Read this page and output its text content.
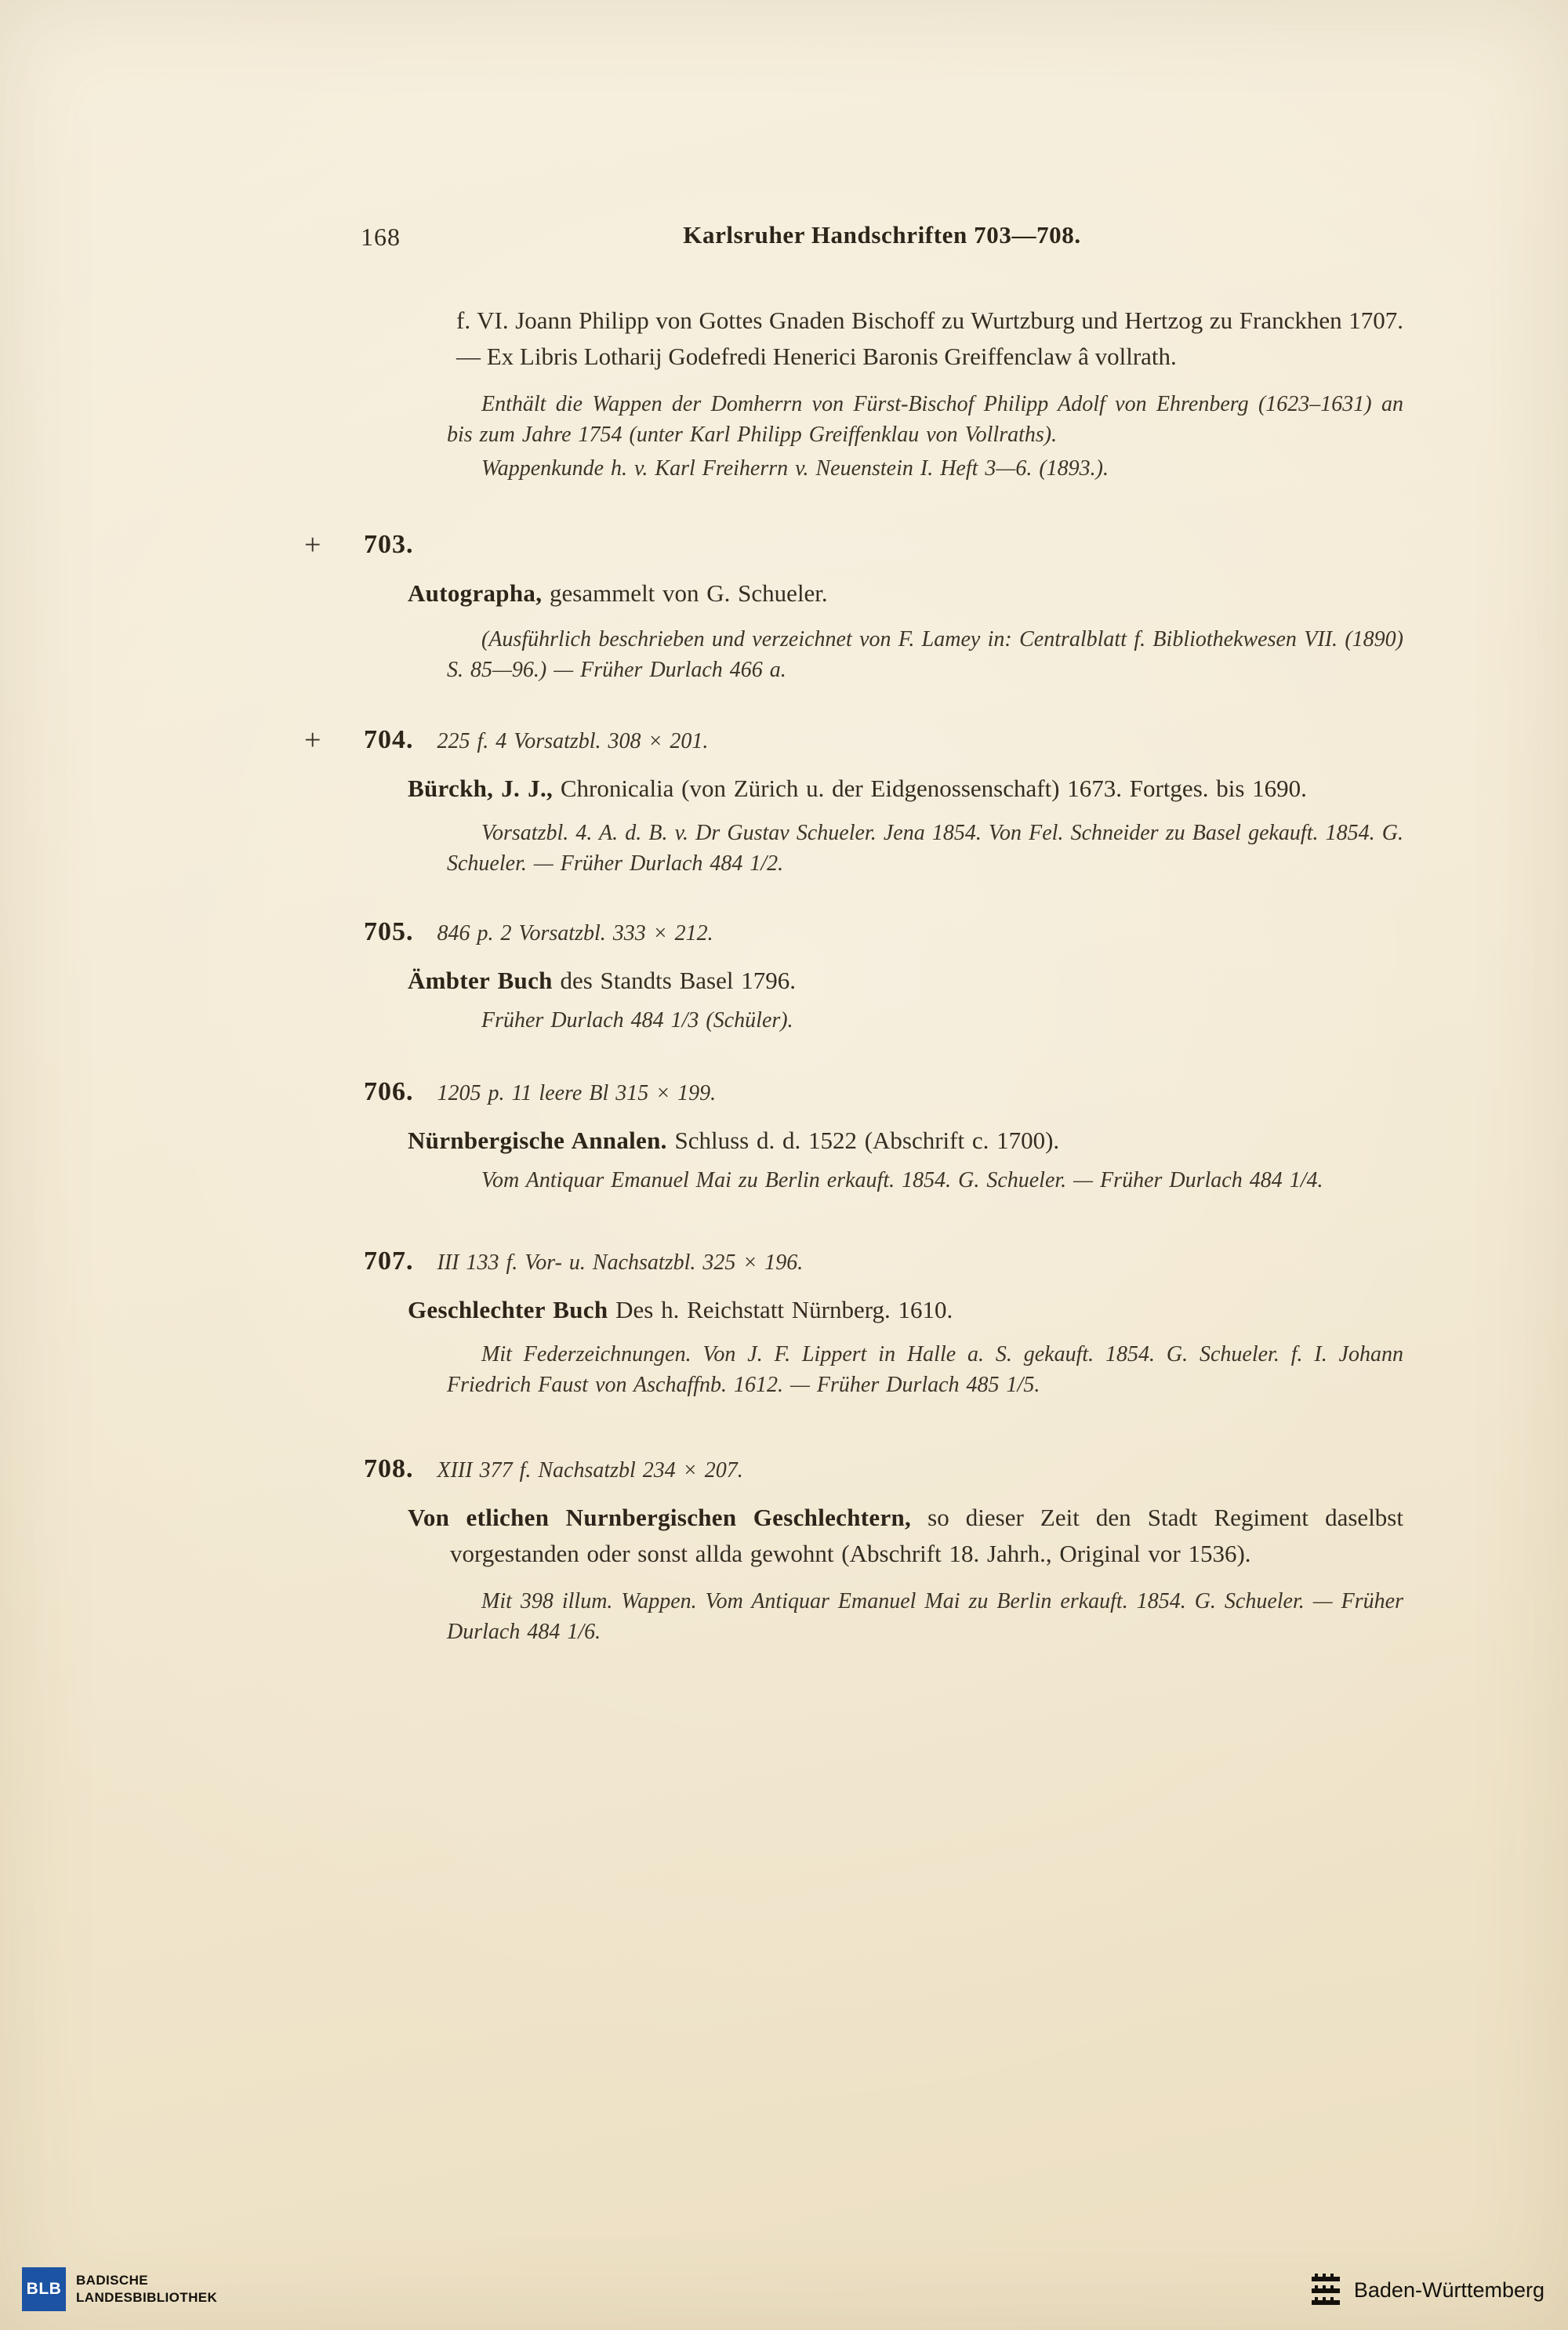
168	Karlsruher Handschriften 703—708.

f. VI. Joann Philipp von Gottes Gnaden Bischoff zu Wurtzburg und Hertzog zu Franckhen 1707. — Ex Libris Lotharij Godefredi Henerici Baronis Greiffenclaw â vollrath.

Enthält die Wappen der Domherrn von Fürst-Bischof Philipp Adolf von Ehrenberg (1623–1631) an bis zum Jahre 1754 (unter Karl Philipp Greiffenklau von Vollraths).

Wappenkunde h. v. Karl Freiherrn v. Neuenstein I. Heft 3—6. (1893.).

+ 703.

Autographa, gesammelt von G. Schueler.

(Ausführlich beschrieben und verzeichnet von F. Lamey in: Centralblatt f. Bibliothekwesen VII. (1890) S. 85—96.) — Früher Durlach 466 a.

+ 704. 225 f. 4 Vorsatzbl. 308 × 201.

Bürckh, J. J., Chronicalia (von Zürich u. der Eidgenossenschaft) 1673. Fortges. bis 1690.

Vorsatzbl. 4. A. d. B. v. Dr Gustav Schueler. Jena 1854. Von Fel. Schneider zu Basel gekauft. 1854. G. Schueler. — Früher Durlach 484 1/2.

705. 846 p. 2 Vorsatzbl. 333 × 212.

Ämbter Buch des Standts Basel 1796.

Früher Durlach 484 1/3 (Schüler).

706. 1205 p. 11 leere Bl 315 × 199.

Nürnbergische Annalen. Schluss d. d. 1522 (Abschrift c. 1700).

Vom Antiquar Emanuel Mai zu Berlin erkauft. 1854. G. Schueler. — Früher Durlach 484 1/4.

707. III 133 f. Vor- u. Nachsatzbl. 325 × 196.

Geschlechter Buch Des h. Reichstatt Nürnberg. 1610.

Mit Federzeichnungen. Von J. F. Lippert in Halle a. S. gekauft. 1854. G. Schueler. f. I. Johann Friedrich Faust von Aschaffnb. 1612. — Früher Durlach 485 1/5.

708. XIII 377 f. Nachsatzbl 234 × 207.

Von etlichen Nurnbergischen Geschlechtern, so dieser Zeit den Stadt Regiment daselbst vorgestanden oder sonst allda gewohnt (Abschrift 18. Jahrh., Original vor 1536).

Mit 398 illum. Wappen. Vom Antiquar Emanuel Mai zu Berlin erkauft. 1854. G. Schueler. — Früher Durlach 484 1/6.

BLB	BADISCHE
LANDESBIBLIOTHEK	Baden-Württemberg
